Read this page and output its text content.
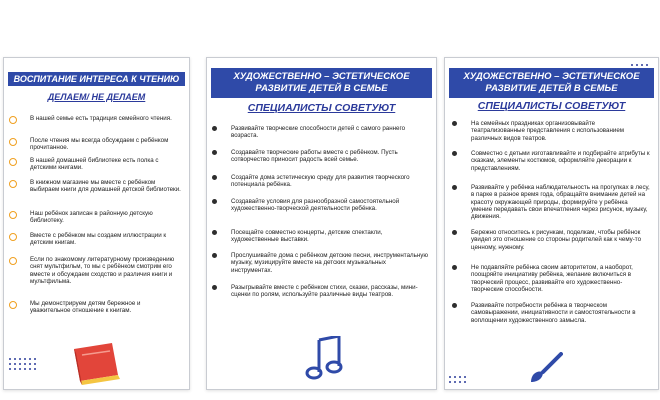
ВОСПИТАНИЕ ИНТЕРЕСА К ЧТЕНИЮ
ДЕЛАЕМ/ НЕ ДЕЛАЕМ
В нашей семье есть традиция семейного чтения.
После чтения мы всегда обсуждаем с ребёнком прочитанное.
В нашей домашней библиотеке есть полка с детскими книгами.
В книжном магазине мы вместе с ребёнком выбираем книги для домашней детской библиотеки.
Наш ребёнок записан в районную детскую библиотеку.
Вместе с ребёнком мы создаем иллюстрации к детским книгам.
Если по знакомому литературному произведению снят мультфильм, то мы с ребёнком смотрим его вместе и обсуждаем сходство и различия книги и мультфильма.
Мы демонстрируем детям бережное и уважительное отношение к книгам.
ХУДОЖЕСТВЕННО – ЭСТЕТИЧЕСКОЕ РАЗВИТИЕ ДЕТЕЙ В СЕМЬЕ
СПЕЦИАЛИСТЫ СОВЕТУЮТ
Развивайте творческие способности детей с самого раннего возраста.
Создавайте творческие работы вместе с ребёнком. Пусть сотворчество приносит радость всей семье.
Создайте дома эстетическую среду для развития творческого потенциала ребёнка.
Создавайте условия для разнообразной самостоятельной художественно-творческой деятельности ребёнка.
Посещайте совместно концерты, детские спектакли, художественные выставки.
Прослушивайте дома с ребёнком детские песни, инструментальную музыку, музицируйте вместе на детских музыкальных инструментах.
Разыгрывайте вместе с ребёнком стихи, сказки, рассказы, мини-сценки по ролям, используйте различные виды театров.
ХУДОЖЕСТВЕННО – ЭСТЕТИЧЕСКОЕ РАЗВИТИЕ ДЕТЕЙ В СЕМЬЕ
СПЕЦИАЛИСТЫ СОВЕТУЮТ
На семейных праздниках организовывайте театрализованные представления с использованием различных видов театров.
Совместно с детьми изготавливайте и подбирайте атрибуты к сказкам, элементы костюмов, оформляйте декорации к представлениям.
Развивайте у ребёнка наблюдательность на прогулках в лесу, в парке в разное время года, обращайте внимание детей на красоту окружающей природы, формируйте у ребёнка умение передавать свои впечатления через рисунок, музыку, движения.
Бережно относитесь к рисункам, поделкам, чтобы ребёнок увидел это отношение со стороны родителей как к чему-то ценному, нужному.
Не подавляйте ребёнка своим авторитетом, а наоборот, поощряйте инициативу ребёнка, желание включиться в творческий процесс, развивайте его художественно-творческие способности.
Развивайте потребности ребёнка в творческом самовыражении, инициативности и самостоятельности в воплощении художественного замысла.
